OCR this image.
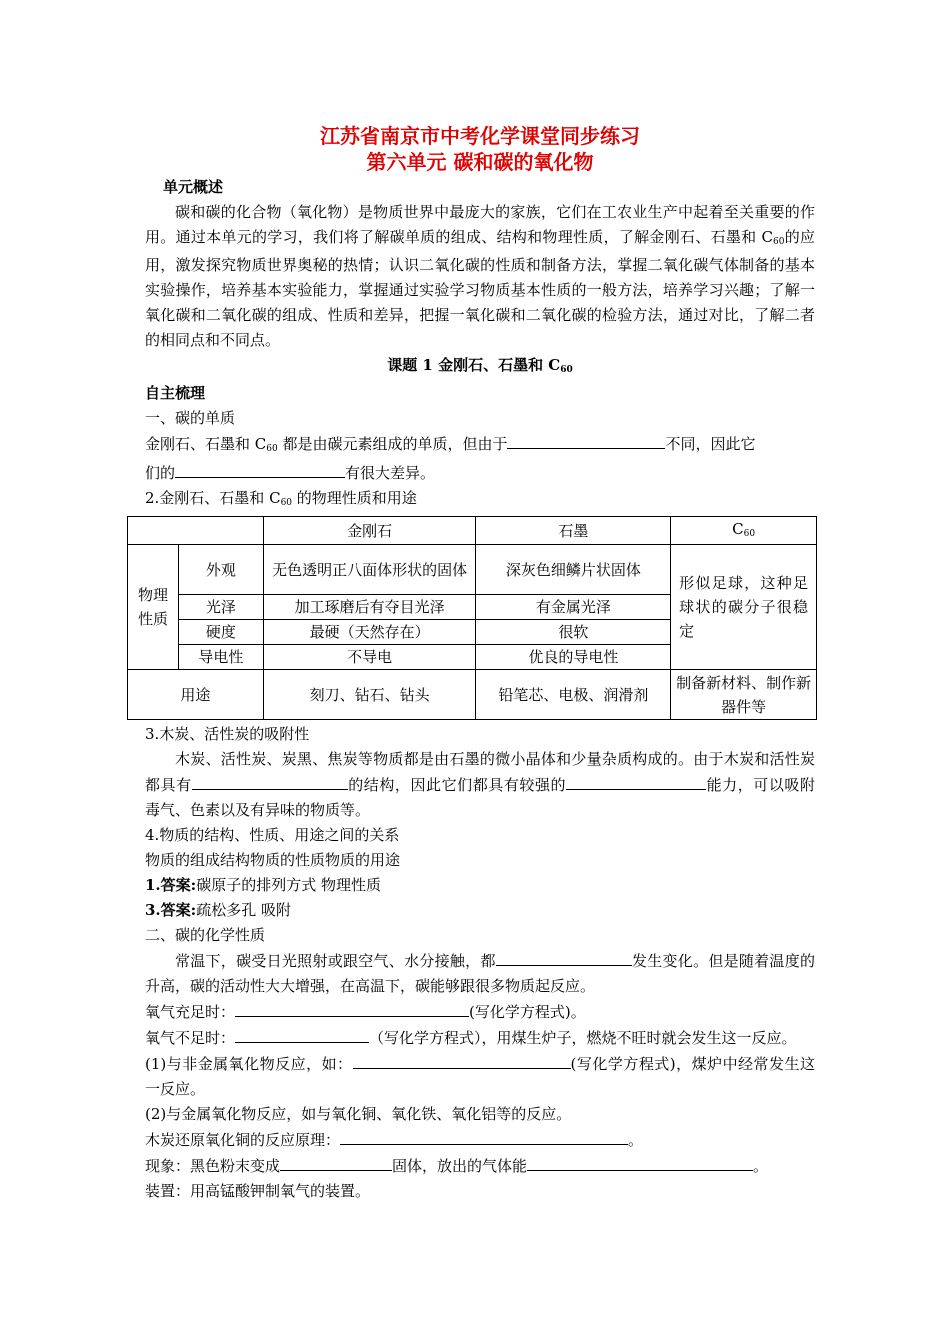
江苏省南京市中考化学课堂同步练习

第六单元 碳和碳的氧化物

单元概述

碳和碳的化合物（氧化物）是物质世界中最庞大的家族，它们在工农业生产中起着至关重要的作用。通过本单元的学习，我们将了解碳单质的组成、结构和物理性质，了解金刚石、石墨和 $C_{60}$的应用，激发探究物质世界奥秘的热情；认识二氧化碳的性质和制备方法，掌握二氧化碳气体制备的基本实验操作，培养基本实验能力，掌握通过实验学习物质基本性质的一般方法，培养学习兴趣；了解一氧化碳和二氧化碳的组成、性质和差异，把握一氧化碳和二氧化碳的检验方法，通过对比，了解二者的相同点和不同点。

课题 1 金刚石、石墨和 $C_{60}$

自主梳理

一、碳的单质

金刚石、石墨和 $C_{60}$ 都是由碳元素组成的单质，但由于	不同，因此它
们的	有很大差异。

2.金刚石、石墨和 $C_{60}$ 的物理性质和用途

		金刚石	石墨	$C_{60}$
物理性质	外观	无色透明正八面体形状的固体	深灰色细鳞片状固体	形似足球，这种足球状的碳分子很稳定
	光泽	加工琢磨后有夺目光泽	有金属光泽	
	硬度	最硬（天然存在）	很软	
	导电性	不导电	优良的导电性	
用途		刻刀、钻石、钻头	铅笔芯、电极、润滑剂	制备新材料、制作新器件等

3.木炭、活性炭的吸附性

木炭、活性炭、炭黑、焦炭等物质都是由石墨的微小晶体和少量杂质构成的。由于木炭和活性炭都具有	的结构，因此它们都具有较强的	能力，可以吸附毒气、色素以及有异味的物质等。

4.物质的结构、性质、用途之间的关系

物质的组成结构物质的性质物质的用途

1.答案:碳原子的排列方式 物理性质

3.答案:疏松多孔 吸附

二、碳的化学性质

常温下，碳受日光照射或跟空气、水分接触，都	发生变化。但是随着温度的升高，碳的活动性大大增强，在高温下，碳能够跟很多物质起反应。

氧气充足时：	(写化学方程式)。

氧气不足时：	（写化学方程式），用煤生炉子，燃烧不旺时就会发生这一反应。

(1)与非金属氧化物反应，如：	(写化学方程式)，煤炉中经常发生这一反应。

(2)与金属氧化物反应，如与氧化铜、氧化铁、氧化铝等的反应。

木炭还原氧化铜的反应原理：	。

现象：黑色粉末变成	固体，放出的气体能	。

装置：用高锰酸钾制氧气的装置。
